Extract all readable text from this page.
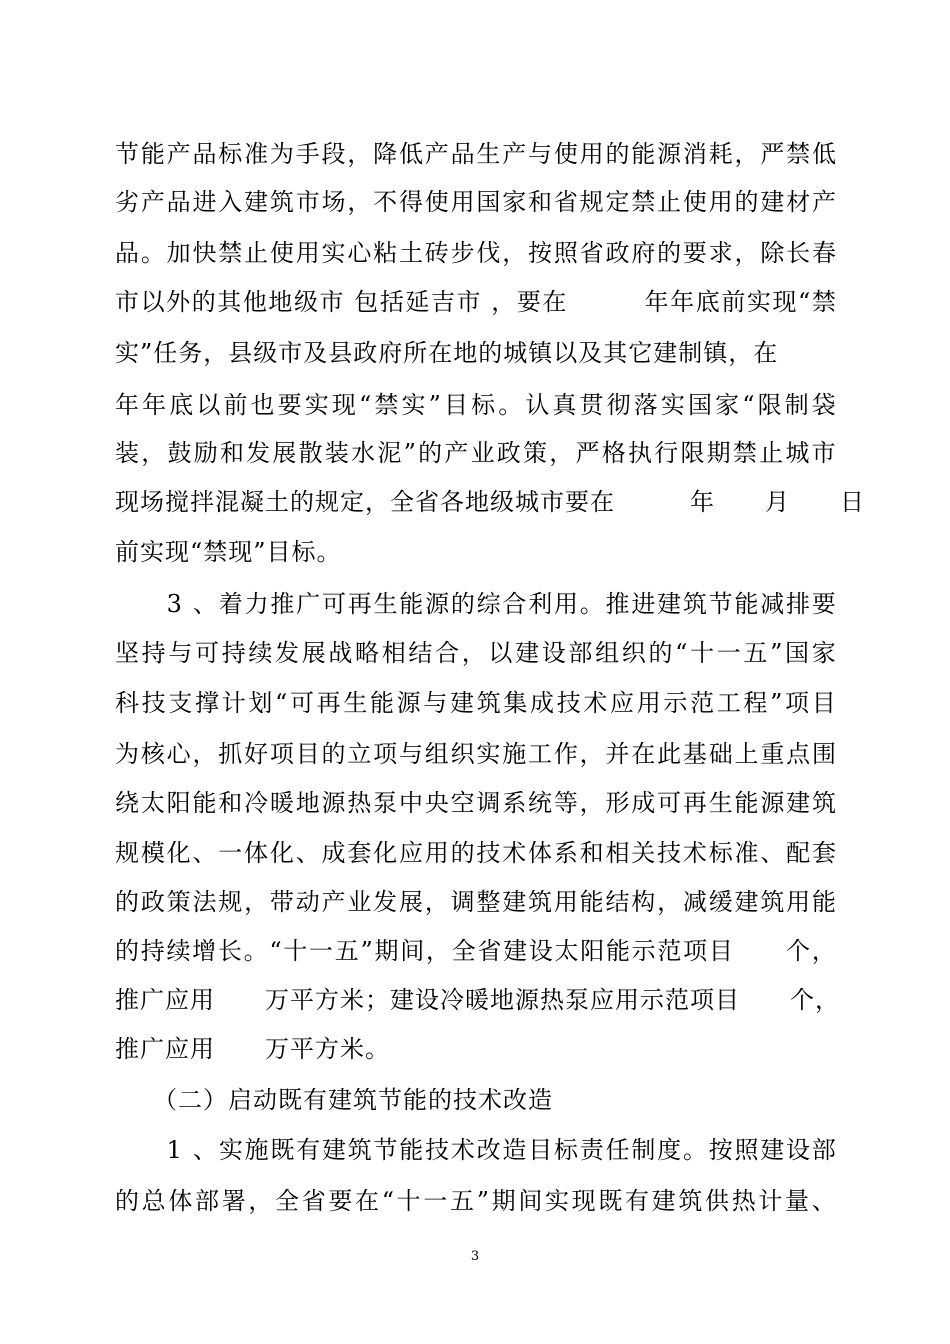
节 能 产 品 标 准 为 手 段 ， 降 低 产 品 生 产 与 使 用 的 能 源 消 耗 ， 严 禁 低
劣 产 品 进 入 建 筑 市 场 ， 不 得 使 用 国 家 和 省 规 定 禁 止 使 用 的 建 材 产
品 。 加 快 禁 止 使 用 实 心 粘 土 砖 步 伐 ， 按 照 省 政 府 的 要 求 ， 除 长 春
市 以 外 的 其 他 地 级 市
包 括 延 吉 市
， 要 在

　	年 年 底 前 实 现 “ 禁
实”任务，县级市及县政府所在地的城镇以及其它建制镇，在
年 年 底 以 前 也 要 实 现 “ 禁 实 ” 目 标 。 认 真 贯 彻 落 实 国 家 “ 限 制 袋
装 ， 鼓 励 和 发 展 散 装 水 泥 ” 的 产 业 政 策 ， 严 格 执 行 限 期 禁 止 城 市
现 场 搅 拌 混 凝 土 的 规 定 ， 全 省 各 地 级 城 市 要 在

　	年

　 月

　 日
前实现“禁现”目标。

3
、 着 力 推 广 可 再 生 能 源 的 综 合 利 用 。 推 进 建 筑 节 能 减 排 要
坚 持 与 可 持 续 发 展 战 略 相 结 合 ， 以 建 设 部 组 织 的 “ 十 一 五 ” 国 家
科 技 支 撑 计 划 “ 可 再 生 能 源 与 建 筑 集 成 技 术 应 用 示 范 工 程 ” 项 目
为 核 心 ， 抓 好 项 目 的 立 项 与 组 织 实 施 工 作 ， 并 在 此 基 础 上 重 点 围
绕 太 阳 能 和 冷 暖 地 源 热 泵 中 央 空 调 系 统 等 ， 形 成 可 再 生 能 源 建 筑
规 模 化 、 一 体 化 、 成 套 化 应 用 的 技 术 体 系 和 相 关 技 术 标 准 、 配 套
的 政 策 法 规 ， 带 动 产 业 发 展 ， 调 整 建 筑 用 能 结 构 ， 减 缓 建 筑 用 能
的 持 续 增 长 。 “ 十 一 五 ” 期 间 ， 全 省 建 设 太 阳 能 示 范 项 目

　 个 ，
推 广 应 用

　 万 平 方 米 ； 建 设 冷 暖 地 源 热 泵 应 用 示 范 项 目

　 个 ，
推广应用　　万平方米。
　　（二）启动既有建筑节能的技术改造

1
、 实 施 既 有 建 筑 节 能 技 术 改 造 目 标 责 任 制 度 。 按 照 建 设 部
的 总 体 部 署 ， 全 省 要 在 “ 十 一 五 ” 期 间 实 现 既 有 建 筑 供 热 计 量 、
3
